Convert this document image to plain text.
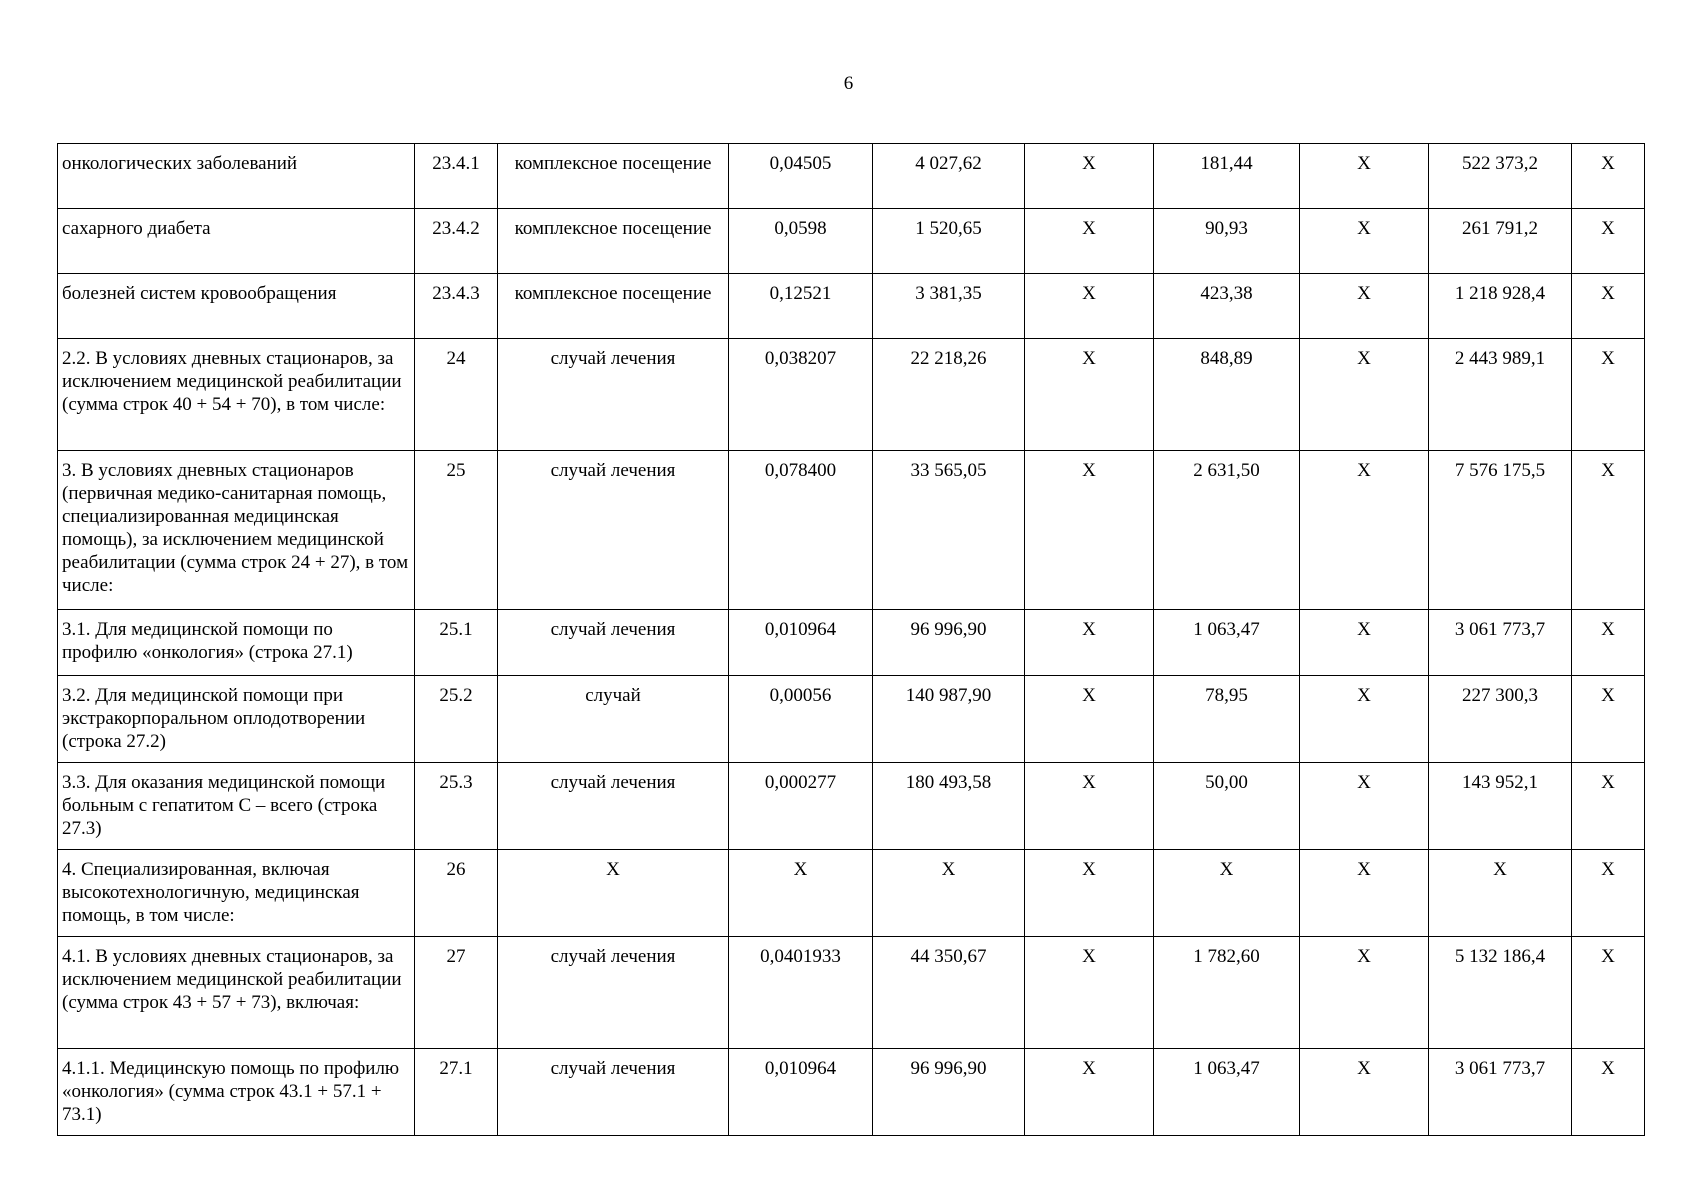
6
онкологических заболеваний	23.4.1	комплексное посещение	0,04505	4 027,62	X	181,44	X	522 373,2	X
сахарного диабета	23.4.2	комплексное посещение	0,0598	1 520,65	X	90,93	X	261 791,2	X
болезней систем кровообращения	23.4.3	комплексное посещение	0,12521	3 381,35	X	423,38	X	1 218 928,4	X
2.2. В условиях дневных стационаров, за исключением медицинской реабилитации (сумма строк 40 + 54 + 70), в том числе:	24	случай лечения	0,038207	22 218,26	X	848,89	X	2 443 989,1	X
3. В условиях дневных стационаров (первичная медико-санитарная помощь, специализированная медицинская помощь), за исключением медицинской реабилитации (сумма строк 24 + 27), в том числе:	25	случай лечения	0,078400	33 565,05	X	2 631,50	X	7 576 175,5	X
3.1. Для медицинской помощи по профилю «онкология» (строка 27.1)	25.1	случай лечения	0,010964	96 996,90	X	1 063,47	X	3 061 773,7	X
3.2. Для медицинской помощи при экстракорпоральном оплодотворении (строка 27.2)	25.2	случай	0,00056	140 987,90	X	78,95	X	227 300,3	X
3.3. Для оказания медицинской помощи больным с гепатитом С – всего (строка 27.3)	25.3	случай лечения	0,000277	180 493,58	X	50,00	X	143 952,1	X
4. Специализированная, включая высокотехнологичную, медицинская помощь, в том числе:	26	X	X	X	X	X	X	X	X
4.1. В условиях дневных стационаров, за исключением медицинской реабилитации (сумма строк 43 + 57 + 73), включая:	27	случай лечения	0,0401933	44 350,67	X	1 782,60	X	5 132 186,4	X
4.1.1. Медицинскую помощь по профилю «онкология» (сумма строк 43.1 + 57.1 + 73.1)	27.1	случай лечения	0,010964	96 996,90	X	1 063,47	X	3 061 773,7	X
